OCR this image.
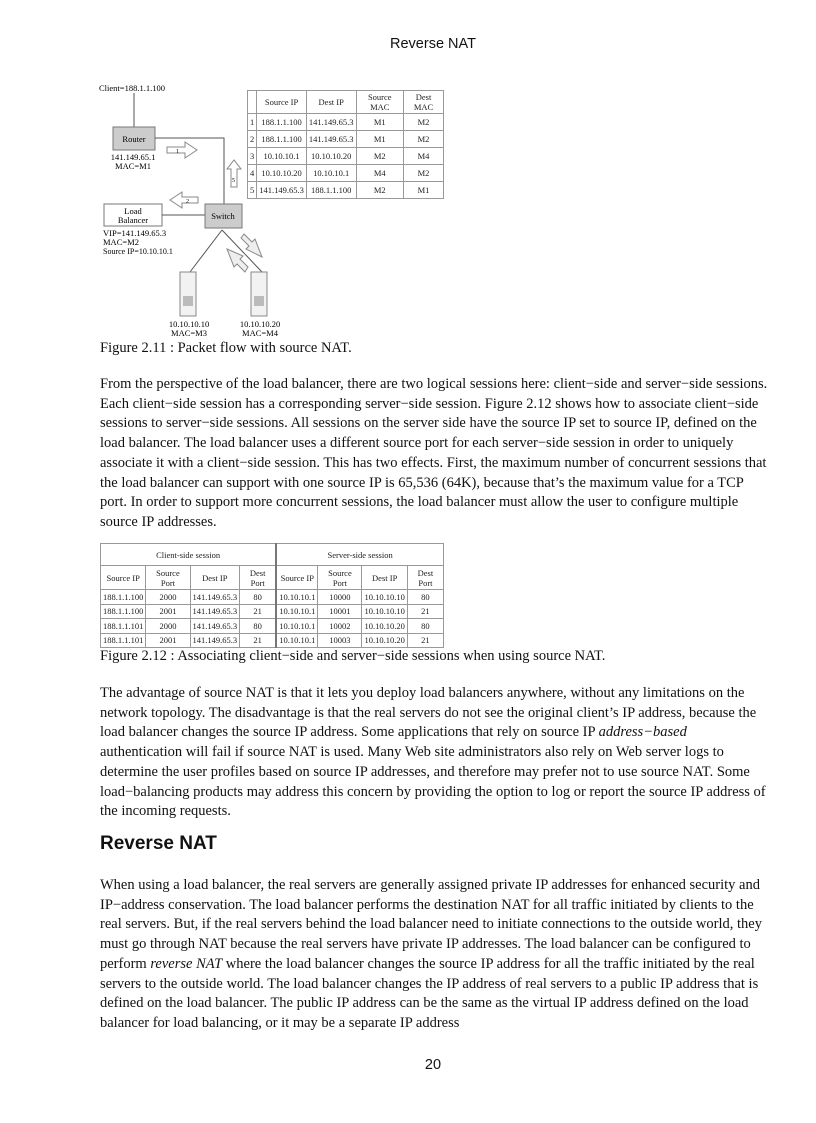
Reverse NAT
Client=188.1.1.100
Router
141.149.65.1
MAC=M1
1
5
2
Load
Balancer
VIP=141.149.65.3
MAC=M2
Source IP=10.10.10.1
Switch
10.10.10.10
MAC=M3
10.10.10.20
MAC=M4
	Source IP	Dest IP	Source MAC	Dest MAC
1	188.1.1.100	141.149.65.3	M1	M2
2	188.1.1.100	141.149.65.3	M1	M2
3	10.10.10.1	10.10.10.20	M2	M4
4	10.10.10.20	10.10.10.1	M4	M2
5	141.149.65.3	188.1.1.100	M2	M1
Figure 2.11 : Packet flow with source NAT.
From the perspective of the load balancer, there are two logical sessions here: client−side and server−side sessions. Each client−side session has a corresponding server−side session. Figure 2.12 shows how to associate client−side sessions to server−side sessions. All sessions on the server side have the source IP set to source IP, defined on the load balancer. The load balancer uses a different source port for each server−side session in order to uniquely associate it with a client−side session. This has two effects. First, the maximum number of concurrent sessions that the load balancer can support with one source IP is 65,536 (64K), because that’s the maximum value for a TCP port. In order to support more concurrent sessions, the load balancer must allow the user to configure multiple source IP addresses.
Client-side session				Server-side session			
Source IP	Source Port	Dest IP	Dest Port	Source IP	Source Port	Dest IP	Dest Port
188.1.1.100	2000	141.149.65.3	80	10.10.10.1	10000	10.10.10.10	80
188.1.1.100	2001	141.149.65.3	21	10.10.10.1	10001	10.10.10.10	21
188.1.1.101	2000	141.149.65.3	80	10.10.10.1	10002	10.10.10.20	80
188.1.1.101	2001	141.149.65.3	21	10.10.10.1	10003	10.10.10.20	21
Figure 2.12 : Associating client−side and server−side sessions when using source NAT.
The advantage of source NAT is that it lets you deploy load balancers anywhere, without any limitations on the network topology. The disadvantage is that the real servers do not see the original client’s IP address, because the load balancer changes the source IP address. Some applications that rely on source IP address−based authentication will fail if source NAT is used. Many Web site administrators also rely on Web server logs to determine the user profiles based on source IP addresses, and therefore may prefer not to use source NAT. Some load−balancing products may address this concern by providing the option to log or report the source IP address of the incoming requests.
Reverse NAT
When using a load balancer, the real servers are generally assigned private IP addresses for enhanced security and IP−address conservation. The load balancer performs the destination NAT for all traffic initiated by clients to the real servers. But, if the real servers behind the load balancer need to initiate connections to the outside world, they must go through NAT because the real servers have private IP addresses. The load balancer can be configured to perform reverse NAT where the load balancer changes the source IP address for all the traffic initiated by the real servers to the outside world. The load balancer changes the IP address of real servers to a public IP address that is defined on the load balancer. The public IP address can be the same as the virtual IP address defined on the load balancer for load balancing, or it may be a separate IP address
20
